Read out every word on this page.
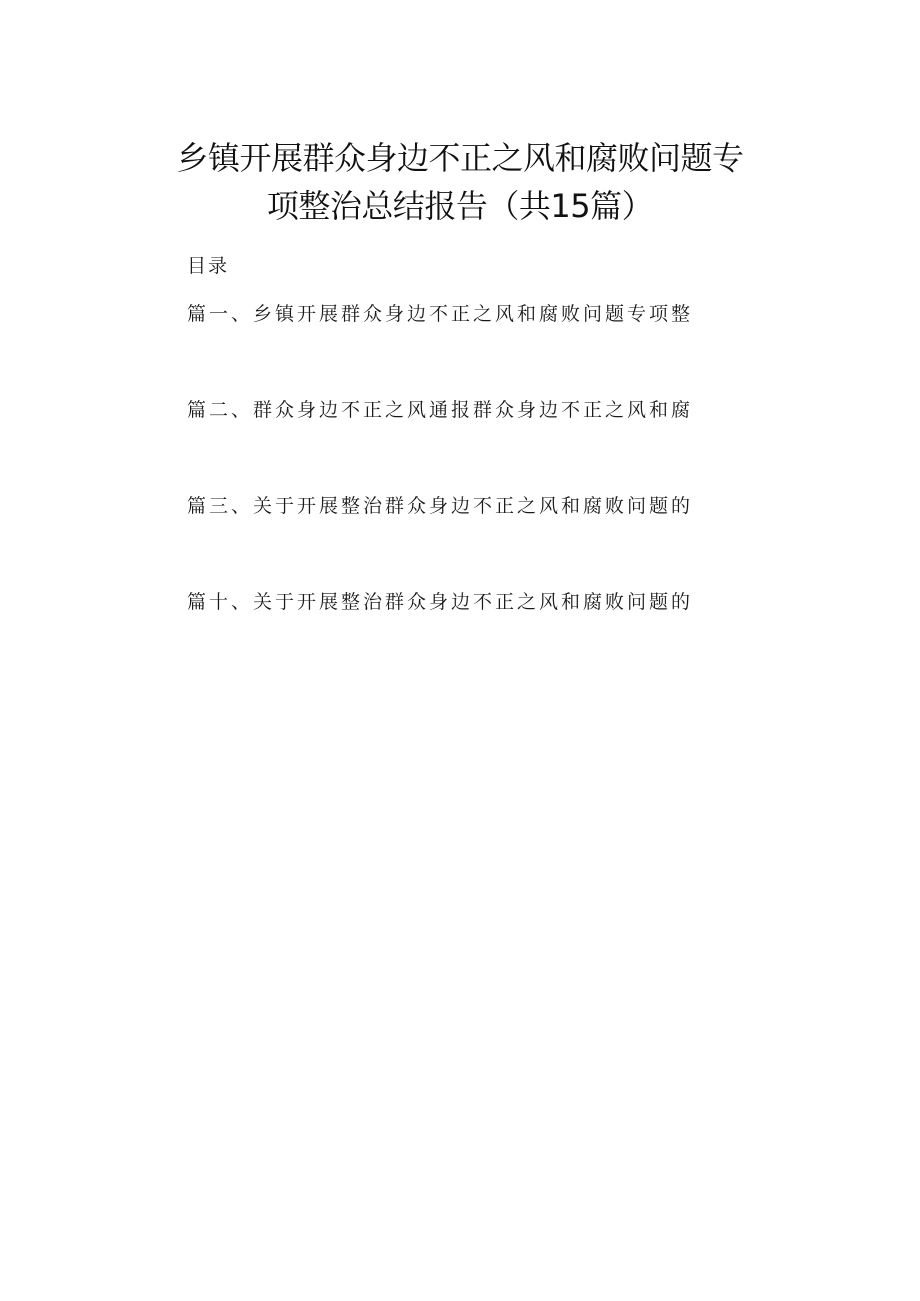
乡镇开展群众身边不正之风和腐败问题专
项整治总结报告（共15篇）
目录
篇一、乡镇开展群众身边不正之风和腐败问题专项整
篇二、群众身边不正之风通报群众身边不正之风和腐
篇三、关于开展整治群众身边不正之风和腐败问题的
篇十、关于开展整治群众身边不正之风和腐败问题的
